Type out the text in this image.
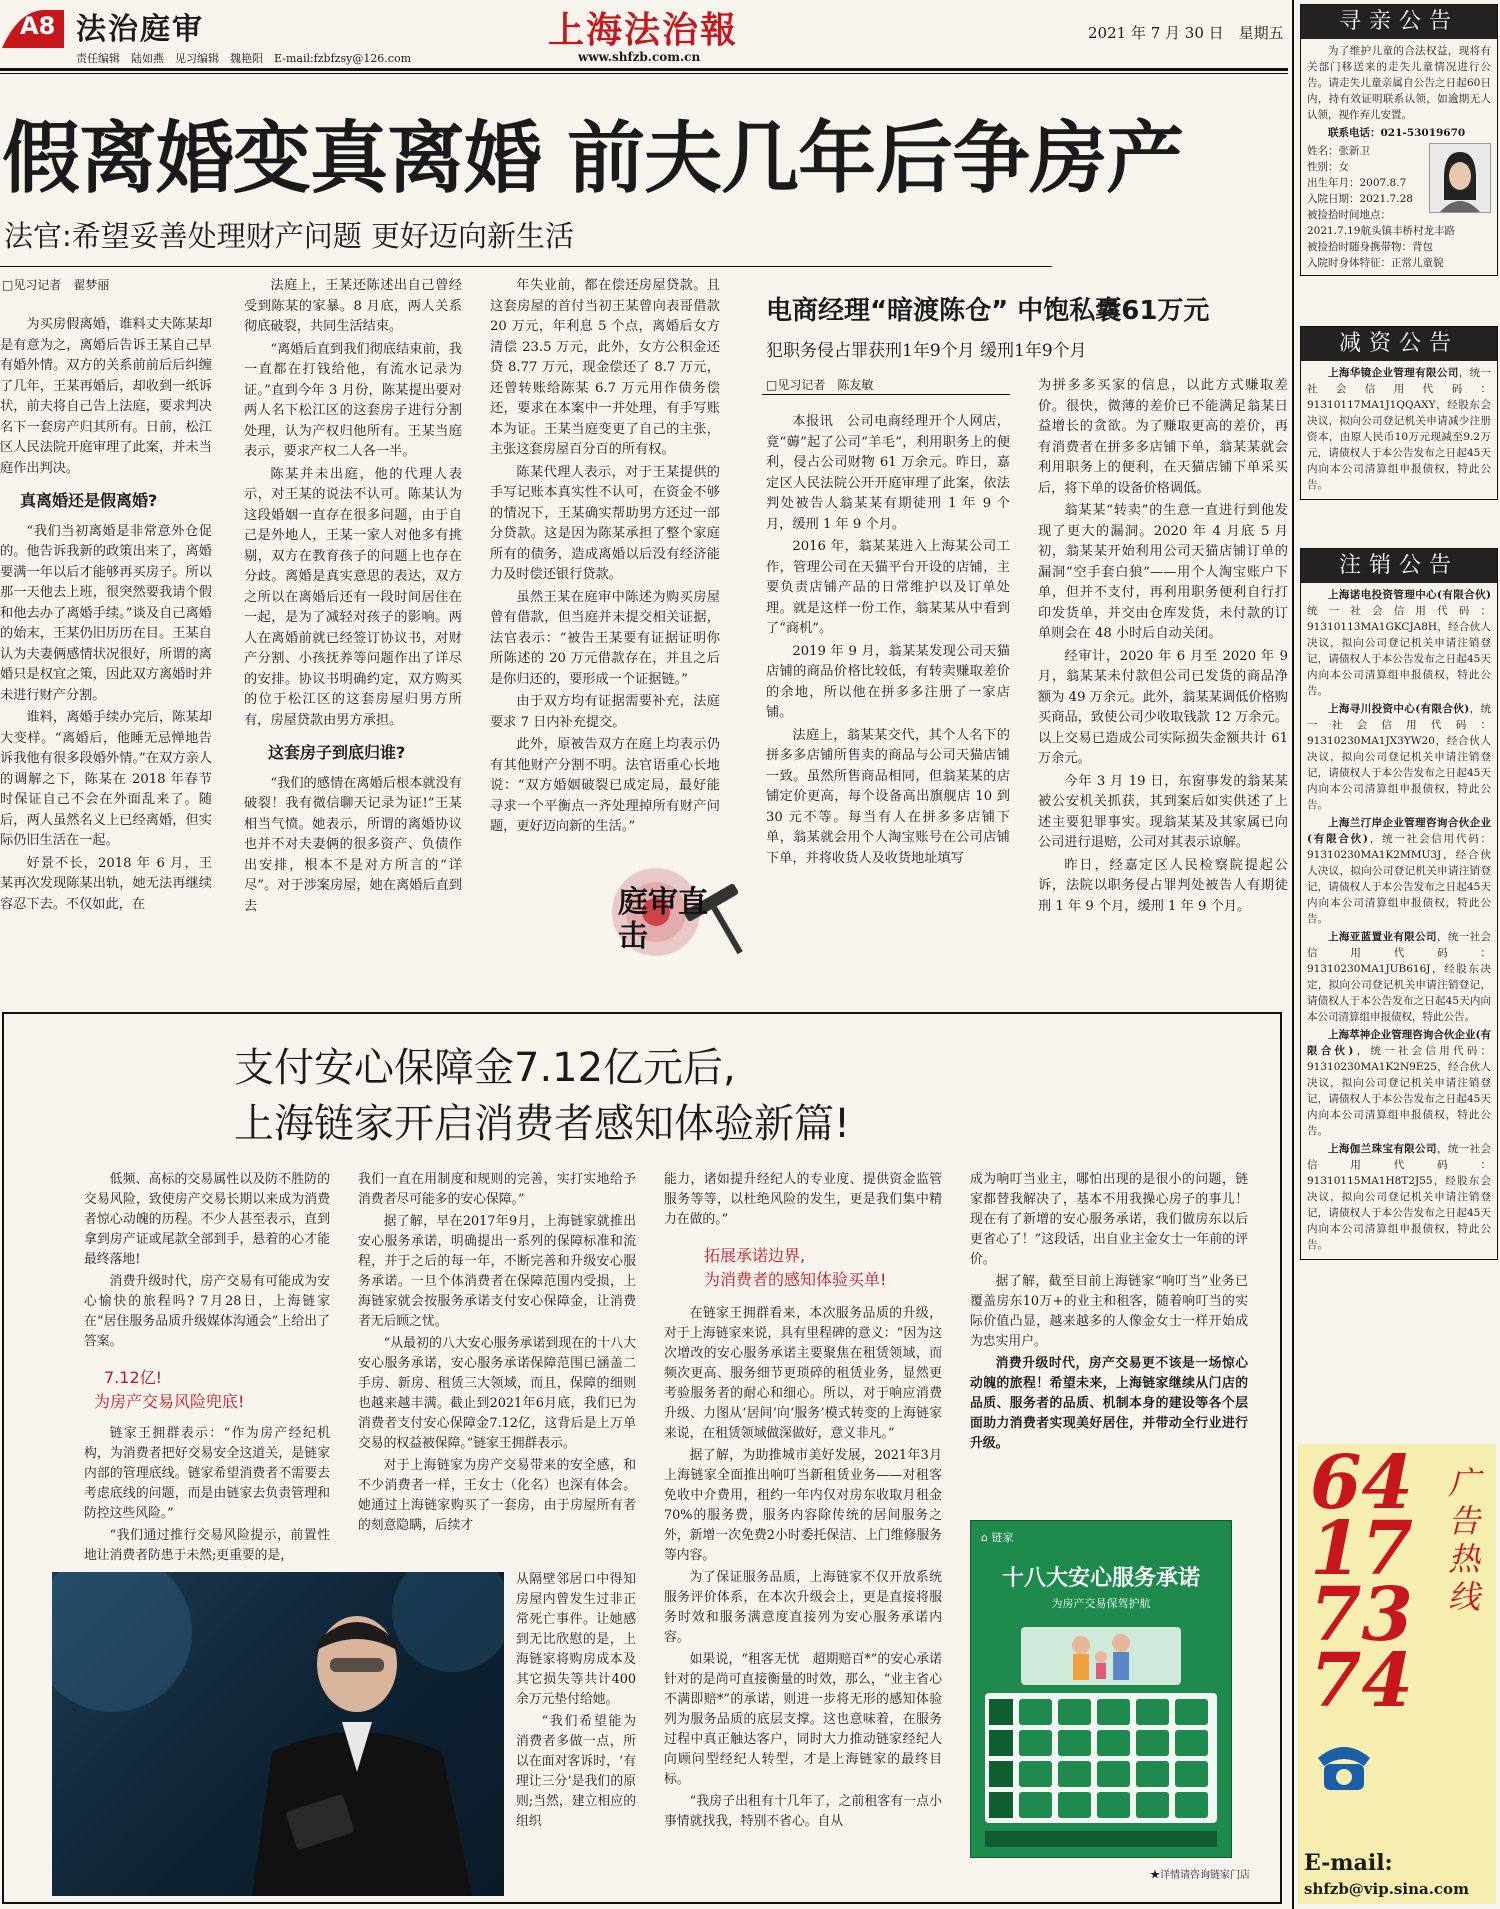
A8 法治庭审
责任编辑　陆如燕　见习编辑　魏艳阳　E-mail:fzbfzsy@126.com
上海法治報
www.shfzb.com.cn
2021 年 7 月 30 日　星期五
假离婚变真离婚 前夫几年后争房产
法官:希望妥善处理财产问题 更好迈向新生活
□见习记者　翟梦丽

为买房假离婚，谁料丈夫陈某却是有意为之，离婚后告诉王某自己早有婚外情。双方的关系前前后后纠缠了几年，王某再婚后，却收到一纸诉状，前夫将自己告上法庭，要求判决名下一套房产归其所有。日前，松江区人民法院开庭审理了此案，并未当庭作出判决。

真离婚还是假离婚?

“我们当初离婚是非常意外仓促的。他告诉我新的政策出来了，离婚要满一年以后才能够再买房子。所以那一天他去上班，很突然要我请个假和他去办了离婚手续。”谈及自己离婚的始末，王某仍旧历历在目。王某自认为夫妻俩感情状况很好，所谓的离婚只是权宜之策，因此双方离婚时并未进行财产分割。

谁料，离婚手续办完后，陈某却大变样。“离婚后，他睡无忌惮地告诉我他有很多段婚外情。”在双方亲人的调解之下，陈某在 2018 年春节时保证自己不会在外面乱来了。随后，两人虽然名义上已经离婚，但实际仍旧生活在一起。

好景不长，2018 年 6 月，王某再次发现陈某出轨，她无法再继续容忍下去。不仅如此，在

法庭上，王某还陈述出自己曾经受到陈某的家暴。8 月底，两人关系彻底破裂，共同生活结束。

“离婚后直到我们彻底结束前，我一直都在打钱给他，有流水记录为证。”直到今年 3 月份，陈某提出要对两人名下松江区的这套房子进行分割处理，认为产权归他所有。王某当庭表示，要求产权二人各一半。

陈某并未出庭，他的代理人表示，对王某的说法不认可。陈某认为这段婚姻一直存在很多问题，由于自己是外地人，王某一家人对他多有挑剔，双方在教育孩子的问题上也存在分歧。离婚是真实意思的表达，双方之所以在离婚后还有一段时间居住在一起，是为了减轻对孩子的影响。两人在离婚前就已经签订协议书，对财产分割、小孩抚养等问题作出了详尽的安排。协议书明确约定，双方购买的位于松江区的这套房屋归男方所有，房屋贷款由男方承担。

这套房子到底归谁?

“我们的感情在离婚后根本就没有破裂！我有微信聊天记录为证!”王某相当气愤。她表示，所谓的离婚协议也并不对夫妻俩的很多资产、负债作出安排，根本不是对方所言的“详尽”。对于涉案房屋，她在离婚后直到去

年失业前，都在偿还房屋贷款。且这套房屋的首付当初王某曾向表哥借款 20 万元，年利息 5 个点，离婚后女方清偿 23.5 万元，此外，女方公积金还贷 8.77 万元，现金偿还了 8.7 万元，还曾转账给陈某 6.7 万元用作债务偿还，要求在本案中一并处理，有手写账本为证。王某当庭变更了自己的主张，主张这套房屋百分百的所有权。

陈某代理人表示，对于王某提供的手写记账本真实性不认可，在资金不够的情况下，王某确实帮助男方还过一部分贷款。这是因为陈某承担了整个家庭所有的债务，造成离婚以后没有经济能力及时偿还银行贷款。

虽然王某在庭审中陈述为购买房屋曾有借款，但当庭并未提交相关证据，法官表示：“被告王某要有证据证明你所陈述的 20 万元借款存在，并且之后是你归还的，要形成一个证据链。”

由于双方均有证据需要补充，法庭要求 7 日内补充提交。

此外，原被告双方在庭上均表示仍有其他财产分割不明。法官语重心长地说：“双方婚姻破裂已成定局，最好能寻求一个平衡点一齐处理掉所有财产问题，更好迈向新的生活。”

庭审直击
电商经理“暗渡陈仓” 中饱私囊61万元
犯职务侵占罪获刑1年9个月 缓刑1年9个月
□见习记者　陈友敏

本报讯　公司电商经理开个人网店，竟“薅”起了公司“羊毛”，利用职务上的便利，侵占公司财物 61 万余元。昨日，嘉定区人民法院公开开庭审理了此案，依法判处被告人翁某某有期徒刑 1 年 9 个月，缓刑 1 年 9 个月。

2016 年，翁某某进入上海某公司工作，管理公司在天猫平台开设的店铺，主要负责店铺产品的日常维护以及订单处理。就是这样一份工作，翁某某从中看到了“商机”。

2019 年 9 月，翁某某发现公司天猫店铺的商品价格比较低，有转卖赚取差价的余地，所以他在拼多多注册了一家店铺。

法庭上，翁某某交代，其个人名下的拼多多店铺所售卖的商品与公司天猫店铺一致。虽然所售商品相同，但翁某某的店铺定价更高，每个设备高出旗舰店 10 到 30 元不等。每当有人在拼多多店铺下单，翁某就会用个人淘宝账号在公司店铺下单，并将收货人及收货地址填写

为拼多多买家的信息，以此方式赚取差价。很快，微薄的差价已不能满足翁某日益增长的贪欲。为了赚取更高的差价，再有消费者在拼多多店铺下单，翁某某就会利用职务上的便利，在天猫店铺下单采买后，将下单的设备价格调低。

翁某某“转卖”的生意一直进行到他发现了更大的漏洞。2020 年 4 月底 5 月初，翁某某开始利用公司天猫店铺订单的漏洞“空手套白狼”——用个人淘宝账户下单，但并不支付，再利用职务便利自行打印发货单，并交由仓库发货，未付款的订单则会在 48 小时后自动关闭。

经审计，2020 年 6 月至 2020 年 9 月，翁某某未付款但公司已发货的商品净额为 49 万余元。此外，翁某某调低价格购买商品，致使公司少收取钱款 12 万余元。以上交易已造成公司实际损失金额共计 61 万余元。

今年 3 月 19 日，东窗事发的翁某某被公安机关抓获，其到案后如实供述了上述主要犯罪事实。现翁某某及其家属已向公司进行退赔，公司对其表示谅解。

昨日，经嘉定区人民检察院提起公诉，法院以职务侵占罪判处被告人有期徒刑 1 年 9 个月，缓刑 1 年 9 个月。

支付安心保障金7.12亿元后,
上海链家开启消费者感知体验新篇!

低频、高标的交易属性以及防不胜防的交易风险，致使房产交易长期以来成为消费者惊心动魄的历程。不少人甚至表示，直到拿到房产证或尾款全部到手，悬着的心才能最终落地!

消费升级时代，房产交易有可能成为安心愉快的旅程吗? 7月28日，上海链家在“居住服务品质升级媒体沟通会”上给出了答案。

7.12亿!
为房产交易风险兜底!

链家王拥群表示：“作为房产经纪机构，为消费者把好交易安全这道关，是链家内部的管理底线。链家希望消费者不需要去考虑底线的问题，而是由链家去负责管理和防控这些风险。”

“我们通过推行交易风险提示，前置性地让消费者防患于未然;更重要的是，

我们一直在用制度和规则的完善，实打实地给予消费者尽可能多的安心保障。”

据了解，早在2017年9月，上海链家就推出安心服务承诺，明确提出一系列的保障标准和流程，并于之后的每一年，不断完善和升级安心服务承诺。一旦个体消费者在保障范围内受损，上海链家就会按服务承诺支付安心保障金，让消费者无后顾之忧。

“从最初的八大安心服务承诺到现在的十八大安心服务承诺，安心服务承诺保障范围已涵盖二手房、新房、租赁三大领域，而且，保障的细则也越来越丰满。截止到2021年6月底，我们已为消费者支付安心保障金7.12亿，这背后是上万单交易的权益被保障。”链家王拥群表示。

对于上海链家为房产交易带来的安全感，和不少消费者一样，王女士（化名）也深有体会。她通过上海链家购买了一套房，由于房屋所有者的刻意隐瞒，后续才

从隔壁邻居口中得知房屋内曾发生过非正常死亡事件。让她感到无比欣慰的是，上海链家将购房成本及其它损失等共计400余万元垫付给她。

“我们希望能为消费者多做一点，所以在面对客诉时，‘有理让三分’是我们的原则;当然，建立相应的组织

能力，诸如提升经纪人的专业度、提供资金监管服务等等，以杜绝风险的发生，更是我们集中精力在做的。”

拓展承诺边界,
为消费者的感知体验买单!

在链家王拥群看来，本次服务品质的升级，对于上海链家来说，具有里程碑的意义：“因为这次增改的安心服务承诺主要聚焦在租赁领域，而频次更高、服务细节更琐碎的租赁业务，显然更考验服务者的耐心和细心。所以，对于响应消费升级、力图从‘居间’向‘服务’模式转变的上海链家来说，在租赁领域做深做好，意义非凡。”

据了解，为助推城市美好发展，2021年3月上海链家全面推出响叮当新租赁业务——对租客免收中介费用，租约一年内仅对房东收取月租金70%的服务费，服务内容除传统的居间服务之外，新增一次免费2小时委托保洁、上门维修服务等内容。

为了保证服务品质，上海链家不仅开放系统服务评价体系，在本次升级会上，更是直接将服务时效和服务满意度直接列为安心服务承诺内容。

如果说，“租客无忧　超期赔百*”的安心承诺针对的是尚可直接衡量的时效，那么，“业主省心　不满即赔*”的承诺，则进一步将无形的感知体验列为服务品质的底层支撑。这也意味着，在服务过程中真正触达客户，同时大力推动链家经纪人向顾问型经纪人转型，才是上海链家的最终目标。

“我房子出租有十几年了，之前租客有一点小事情就找我，特别不省心。自从

成为响叮当业主，哪怕出现的是很小的问题，链家都替我解决了，基本不用我操心房子的事儿！现在有了新增的安心服务承诺，我们做房东以后更省心了！”这段话，出自业主金女士一年前的评价。

据了解，截至目前上海链家“响叮当”业务已覆盖房东10万+的业主和租客，随着响叮当的实际价值凸显，越来越多的人像金女士一样开始成为忠实用户。

消费升级时代，房产交易更不该是一场惊心动魄的旅程！希望未来，上海链家继续从门店的品质、服务者的品质、机制本身的建设等各个层面助力消费者实现美好居住，并带动全行业进行升级。

⌂ 链家
十八大安心服务承诺
为房产交易保驾护航
★详情请咨询链家门店
寻亲公告

为了维护儿童的合法权益，现将有关部门移送来的走失儿童情况进行公告。请走失儿童亲属自公告之日起60日内，持有效证明联系认领，如逾期无人认领，视作弃儿安置。

联系电话：021-53019670

姓名：张新卫
性别：女
出生年月：2007.8.7
入院日期：2021.7.28
被捡拾时间地点：
2021.7.19航头镇丰桥村龙丰路
被捡拾时随身携带物：背包
入院时身体特征：正常儿童貌
减资公告

上海华镜企业管理有限公司，统一社会信用代码：91310117MA1J1QQAXY，经股东会决议，拟向公司登记机关申请减少注册资本，由原人民币10万元现减至9.2万元，请债权人于本公告发布之日起45天内向本公司清算组申报债权，特此公告。

注销公告

上海诺电投资管理中心(有限合伙)统一社会信用代码：91310113MA1GKCJA8H，经合伙人决议，拟向公司登记机关申请注销登记，请债权人于本公告发布之日起45天内向本公司清算组申报债权，特此公告。

上海寻川投资中心(有限合伙)，统一社会信用代码：91310230MA1JX3YW20，经合伙人决议，拟向公司登记机关申请注销登记，请债权人于本公告发布之日起45天内向本公司清算组申报债权，特此公告。

上海兰汀岸企业管理咨询合伙企业(有限合伙)，统一社会信用代码：91310230MA1K2MMU3J，经合伙人决议，拟向公司登记机关申请注销登记，请债权人于本公告发布之日起45天内向本公司清算组申报债权，特此公告。

上海亚蓝置业有限公司，统一社会信用代码：91310230MA1JUB616J，经股东决定，拟向公司登记机关申请注销登记，请债权人于本公告发布之日起45天内向本公司清算组申报债权，特此公告。

上海萃神企业管理咨询合伙企业(有限合伙)，统一社会信用代码：91310230MA1K2N9E25，经合伙人决议，拟向公司登记机关申请注销登记，请债权人于本公告发布之日起45天内向本公司清算组申报债权，特此公告。

上海伽兰珠宝有限公司，统一社会信用代码：91310115MA1H8T2J55，经股东会决议，拟向公司登记机关申请注销登记，请债权人于本公告发布之日起45天内向本公司清算组申报债权，特此公告。

广告热线
64177374
E-mail:
shfzb@vip.sina.com
